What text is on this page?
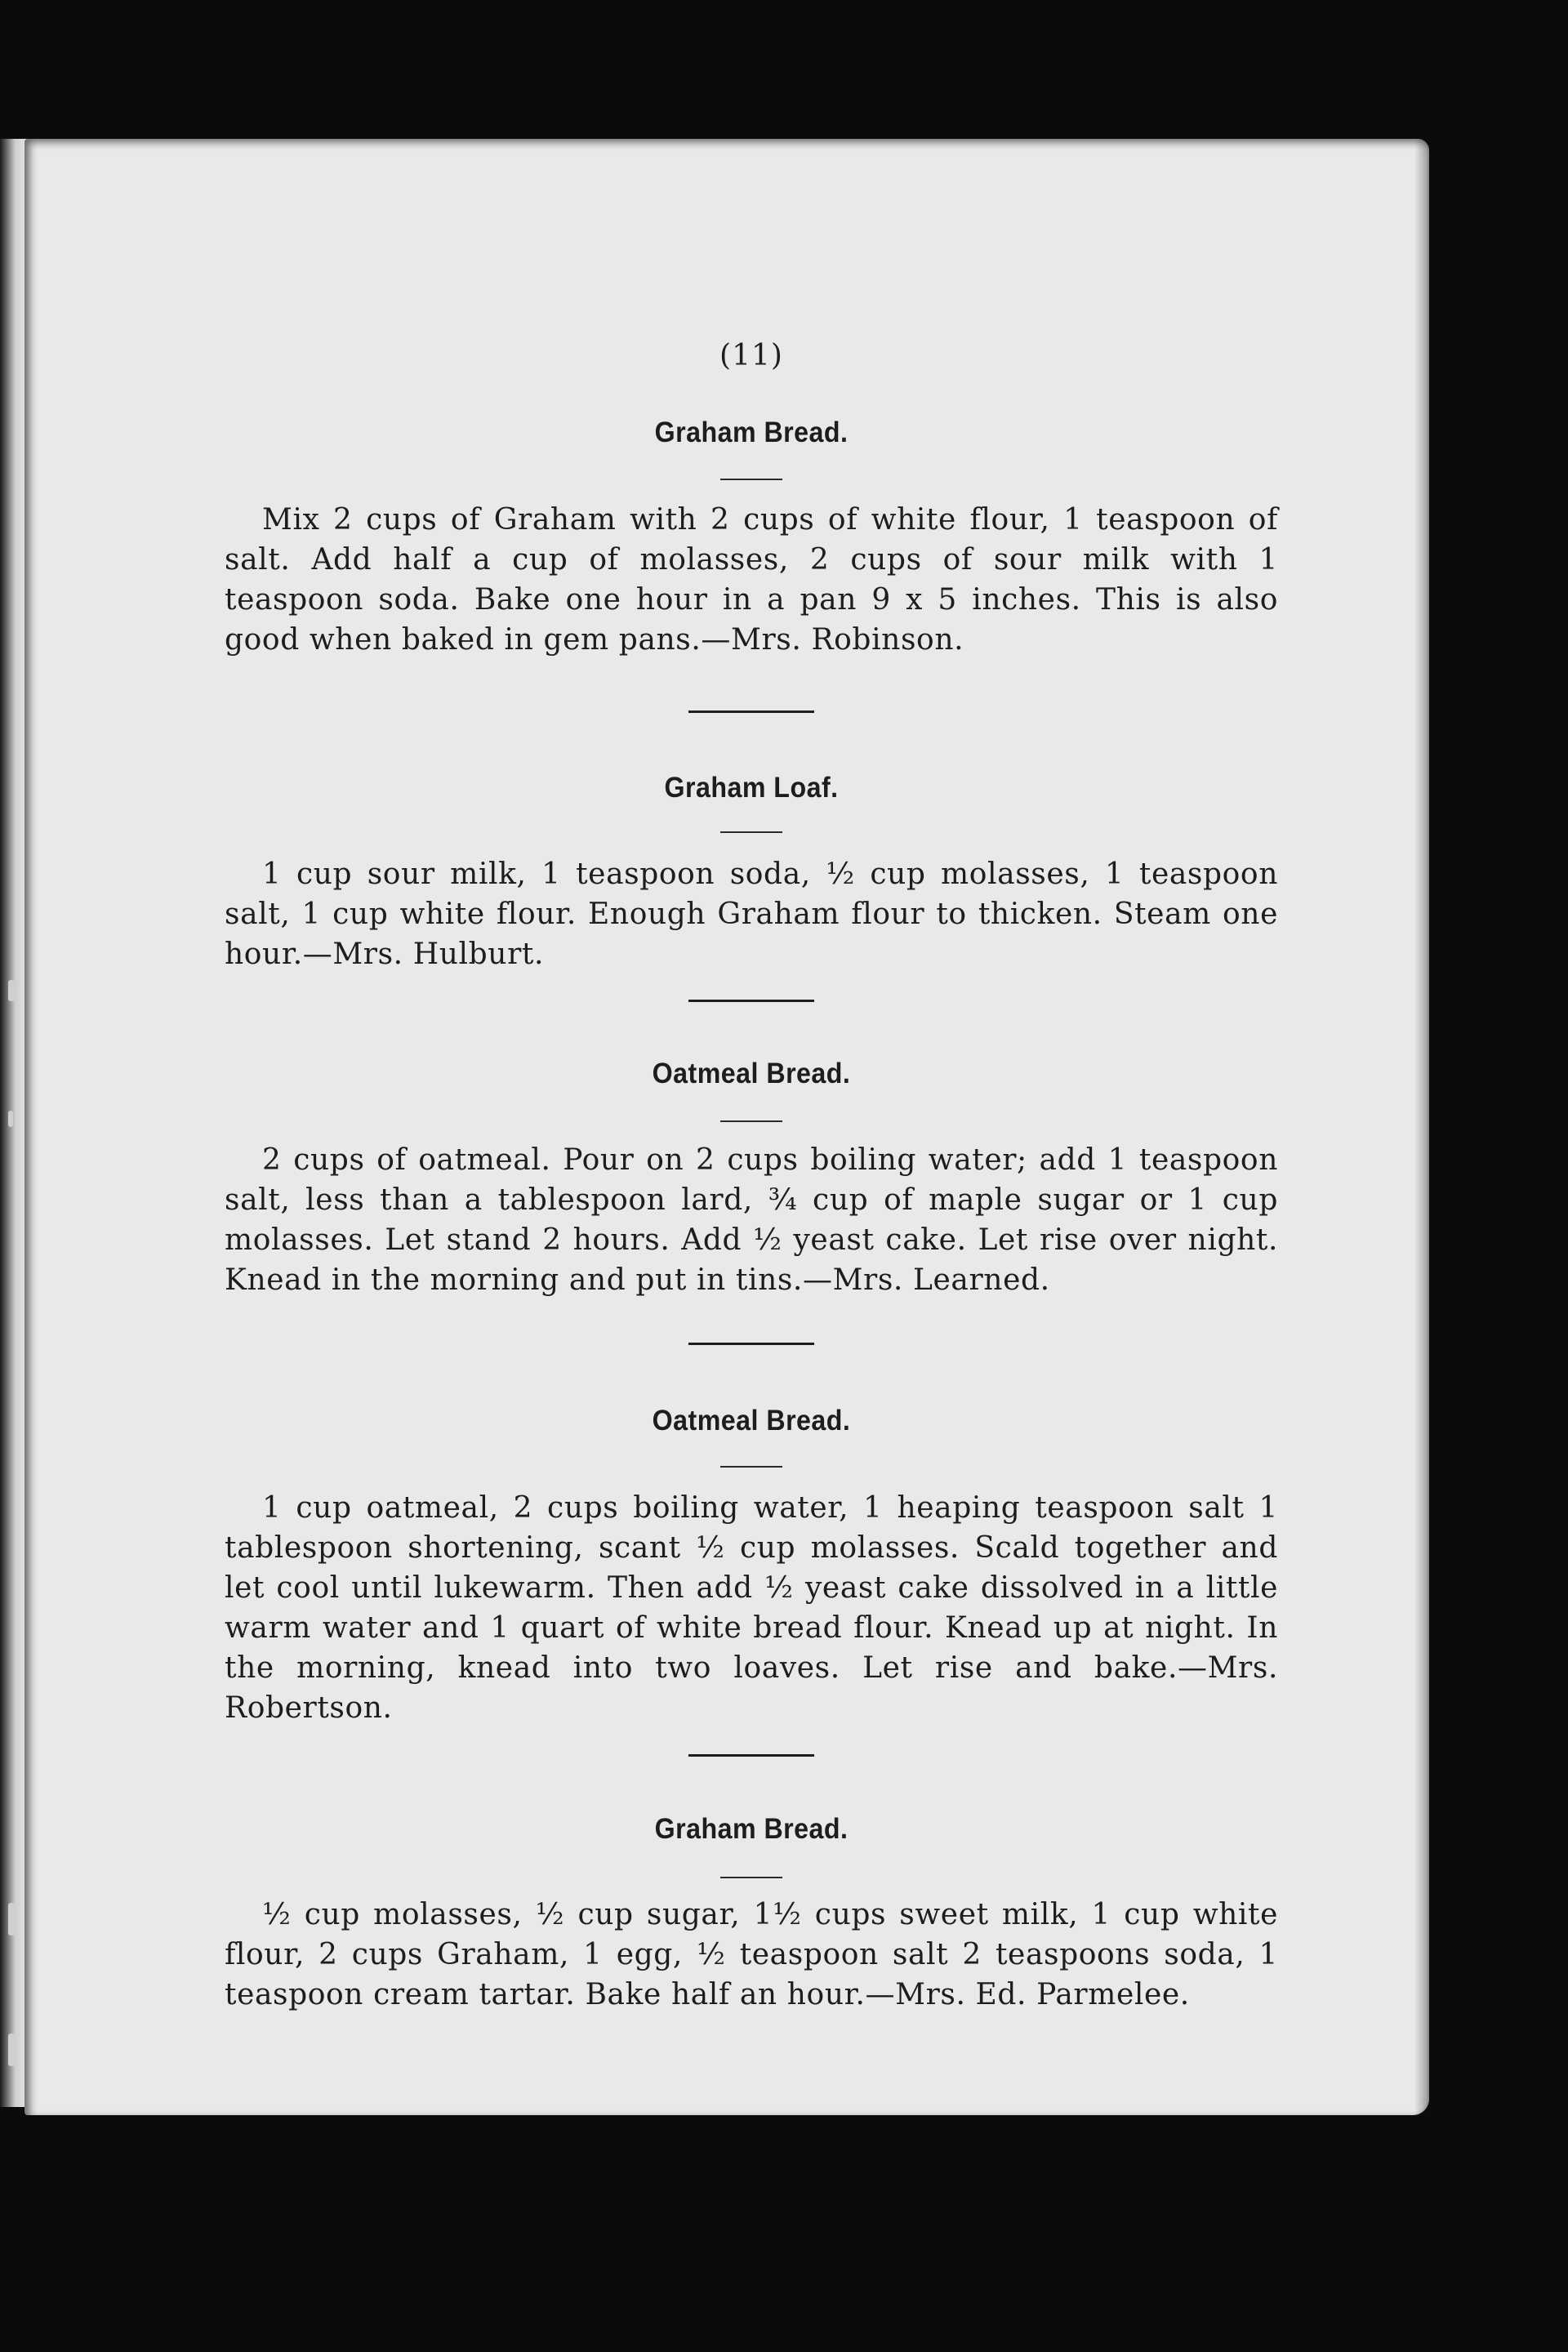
(11)
Graham Bread.
Mix 2 cups of Graham with 2 cups of white flour, 1 teaspoon of salt. Add half a cup of molasses, 2 cups of sour milk with 1 teaspoon soda. Bake one hour in a pan 9 x 5 inches. This is also good when baked in gem pans.—Mrs. Robinson.
Graham Loaf.
1 cup sour milk, 1 teaspoon soda, ½ cup molasses, 1 teaspoon salt, 1 cup white flour. Enough Graham flour to thicken. Steam one hour.—Mrs. Hulburt.
Oatmeal Bread.
2 cups of oatmeal. Pour on 2 cups boiling water; add 1 teaspoon salt, less than a tablespoon lard, ¾ cup of maple sugar or 1 cup molasses. Let stand 2 hours. Add ½ yeast cake. Let rise over night. Knead in the morning and put in tins.—Mrs. Learned.
Oatmeal Bread.
1 cup oatmeal, 2 cups boiling water, 1 heaping teaspoon salt 1 tablespoon shortening, scant ½ cup molasses. Scald together and let cool until lukewarm. Then add ½ yeast cake dissolved in a little warm water and 1 quart of white bread flour. Knead up at night. In the morning, knead into two loaves. Let rise and bake.—Mrs. Robertson.
Graham Bread.
½ cup molasses, ½ cup sugar, 1½ cups sweet milk, 1 cup white flour, 2 cups Graham, 1 egg, ½ teaspoon salt 2 teaspoons soda, 1 teaspoon cream tartar. Bake half an hour.—Mrs. Ed. Parmelee.
